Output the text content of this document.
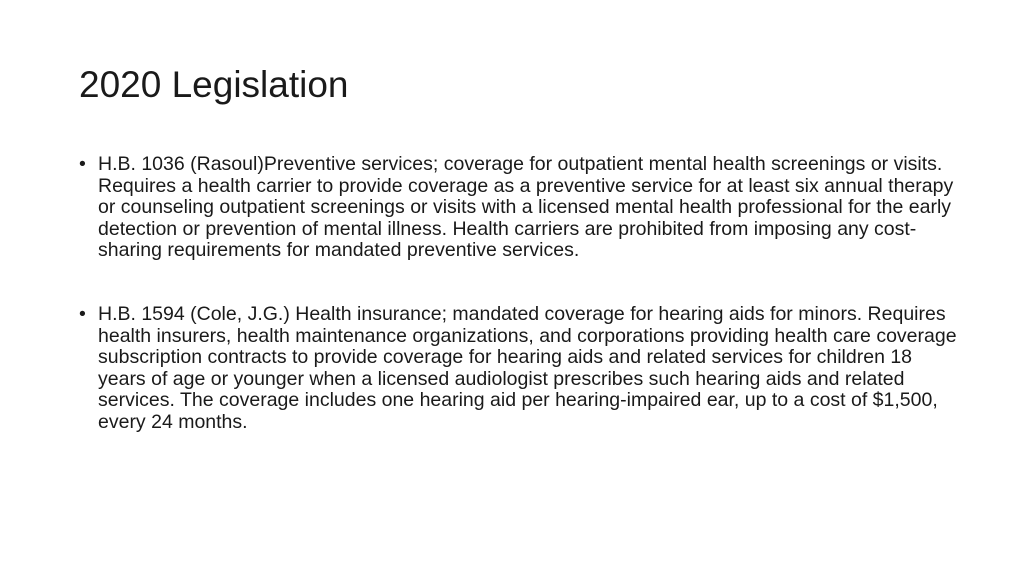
2020 Legislation
• H.B. 1036 (Rasoul)Preventive services; coverage for outpatient mental health screenings or visits. Requires a health carrier to provide coverage as a preventive service for at least six annual therapy or counseling outpatient screenings or visits with a licensed mental health professional for the early detection or prevention of mental illness. Health carriers are prohibited from imposing any cost-sharing requirements for mandated preventive services.
• H.B. 1594 (Cole, J.G.) Health insurance; mandated coverage for hearing aids for minors. Requires health insurers, health maintenance organizations, and corporations providing health care coverage subscription contracts to provide coverage for hearing aids and related services for children 18 years of age or younger when a licensed audiologist prescribes such hearing aids and related services. The coverage includes one hearing aid per hearing-impaired ear, up to a cost of $1,500, every 24 months.
